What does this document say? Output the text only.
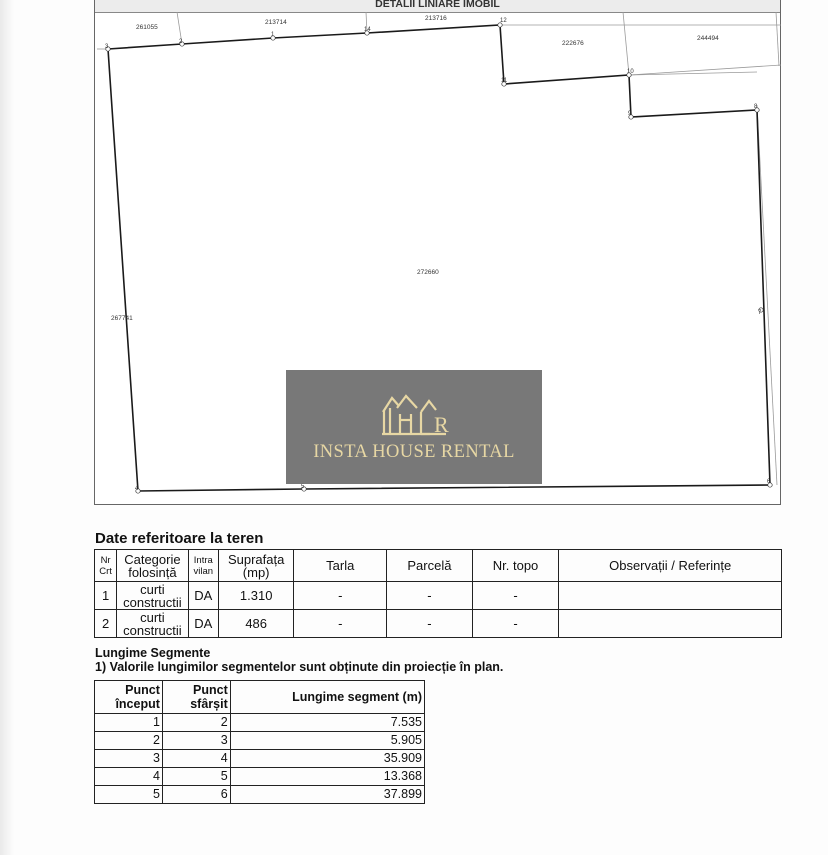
DETALII LINIARE IMOBIL
3
2
1
14
12
11
10
9
8
7
6
5
4
272660
261055
213714
213716
222676
244494
267741
R
INSTA HOUSE RENTAL
Date referitoare la teren
Nr Crt	Categorie folosință	Intra vilan	Suprafața (mp)	Tarla	Parcelă	Nr. topo	Observații / Referințe
1	curti constructii	DA	1.310	-	-	-	
2	curti constructii	DA	486	-	-	-	
Lungime Segmente
1) Valorile lungimilor segmentelor sunt obținute din proiecție în plan.
Punct început	Punct sfârșit	Lungime segment (m)
1	2	7.535
2	3	5.905
3	4	35.909
4	5	13.368
5	6	37.899
